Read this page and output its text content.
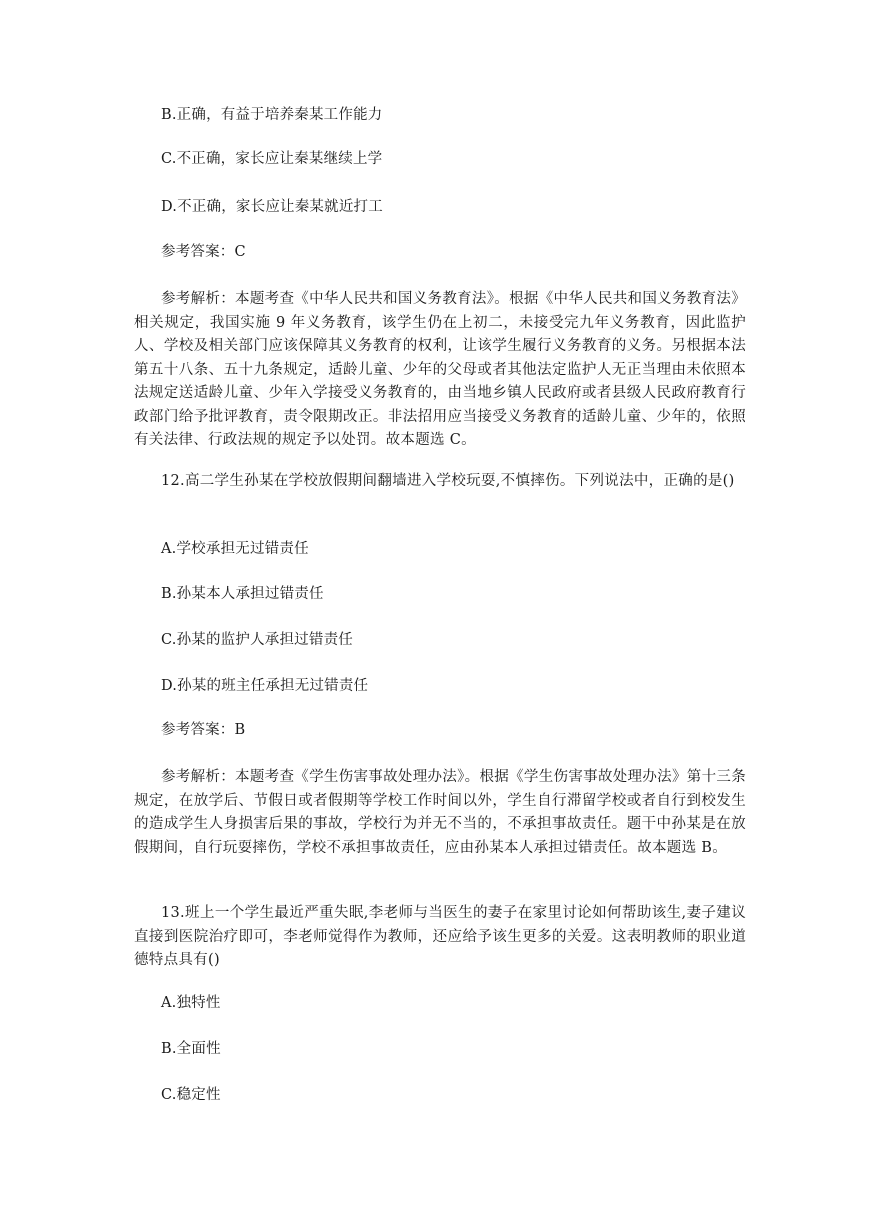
B.正确，有益于培养秦某工作能力
C.不正确，家长应让秦某继续上学
D.不正确，家长应让秦某就近打工
参考答案：C
参考解析：本题考查《中华人民共和国义务教育法》。根据《中华人民共和国义务教育法》相关规定，我国实施 9 年义务教育，该学生仍在上初二，未接受完九年义务教育，因此监护人、学校及相关部门应该保障其义务教育的权利，让该学生履行义务教育的义务。另根据本法第五十八条、五十九条规定，适龄儿童、少年的父母或者其他法定监护人无正当理由未依照本法规定送适龄儿童、少年入学接受义务教育的，由当地乡镇人民政府或者县级人民政府教育行政部门给予批评教育，责令限期改正。非法招用应当接受义务教育的适龄儿童、少年的，依照有关法律、行政法规的规定予以处罚。故本题选 C。
12.高二学生孙某在学校放假期间翻墙进入学校玩耍,不慎摔伤。下列说法中，正确的是()
A.学校承担无过错责任
B.孙某本人承担过错责任
C.孙某的监护人承担过错责任
D.孙某的班主任承担无过错责任
参考答案：B
参考解析：本题考查《学生伤害事故处理办法》。根据《学生伤害事故处理办法》第十三条规定，在放学后、节假日或者假期等学校工作时间以外，学生自行滞留学校或者自行到校发生的造成学生人身损害后果的事故，学校行为并无不当的，不承担事故责任。题干中孙某是在放假期间，自行玩耍摔伤，学校不承担事故责任，应由孙某本人承担过错责任。故本题选 B。
13.班上一个学生最近严重失眠,李老师与当医生的妻子在家里讨论如何帮助该生,妻子建议直接到医院治疗即可，李老师觉得作为教师，还应给予该生更多的关爱。这表明教师的职业道德特点具有()
A.独特性
B.全面性
C.稳定性
